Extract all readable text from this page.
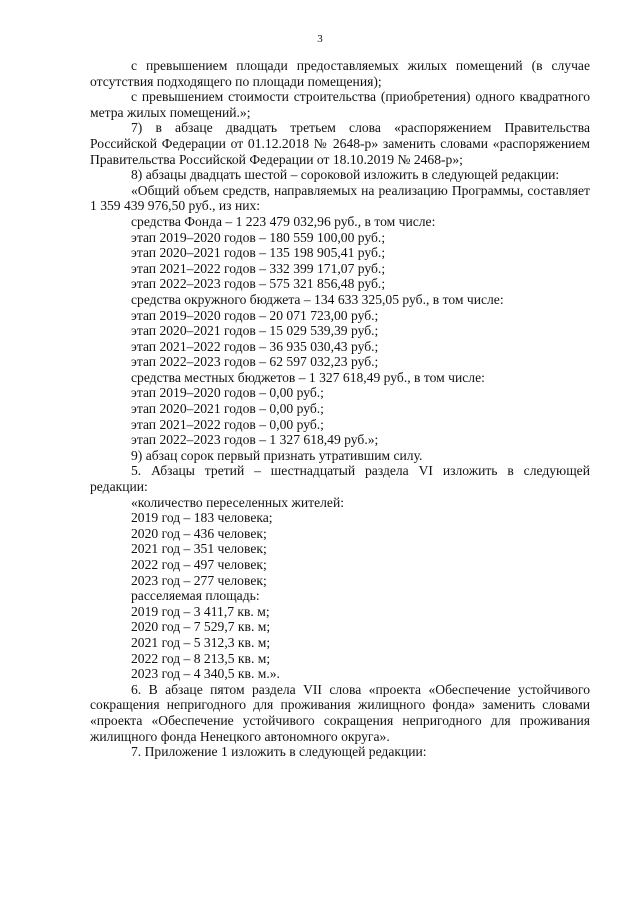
3

с превышением площади предоставляемых жилых помещений (в случае отсутствия подходящего по площади помещения);

с превышением стоимости строительства (приобретения) одного квадратного метра жилых помещений.»;

7) в абзаце двадцать третьем слова «распоряжением Правительства Российской Федерации от 01.12.2018 № 2648-р» заменить словами «распоряжением Правительства Российской Федерации от 18.10.2019 № 2468-р»;

8) абзацы двадцать шестой – сороковой изложить в следующей редакции:

«Общий объем средств, направляемых на реализацию Программы, составляет 1 359 439 976,50 руб., из них:

средства Фонда – 1 223 479 032,96 руб., в том числе:

этап 2019–2020 годов – 180 559 100,00 руб.;

этап 2020–2021 годов – 135 198 905,41 руб.;

этап 2021–2022 годов – 332 399 171,07 руб.;

этап 2022–2023 годов – 575 321 856,48 руб.;

средства окружного бюджета – 134 633 325,05 руб., в том числе:

этап 2019–2020 годов – 20 071 723,00 руб.;

этап 2020–2021 годов – 15 029 539,39 руб.;

этап 2021–2022 годов – 36 935 030,43 руб.;

этап 2022–2023 годов – 62 597 032,23 руб.;

средства местных бюджетов – 1 327 618,49 руб., в том числе:

этап 2019–2020 годов – 0,00 руб.;

этап 2020–2021 годов – 0,00 руб.;

этап 2021–2022 годов – 0,00 руб.;

этап 2022–2023 годов – 1 327 618,49 руб.»;

9) абзац сорок первый признать утратившим силу.

5. Абзацы третий – шестнадцатый раздела VI изложить в следующей редакции:

«количество переселенных жителей:

2019 год – 183 человека;

2020 год – 436 человек;

2021 год – 351 человек;

2022 год – 497 человек;

2023 год – 277 человек;

расселяемая площадь:

2019 год – 3 411,7 кв. м;

2020 год – 7 529,7 кв. м;

2021 год – 5 312,3 кв. м;

2022 год – 8 213,5 кв. м;

2023 год – 4 340,5 кв. м.».

6. В абзаце пятом раздела VII слова «проекта «Обеспечение устойчивого сокращения непригодного для проживания жилищного фонда» заменить словами «проекта «Обеспечение устойчивого сокращения непригодного для проживания жилищного фонда Ненецкого автономного округа».

7. Приложение 1 изложить в следующей редакции:
